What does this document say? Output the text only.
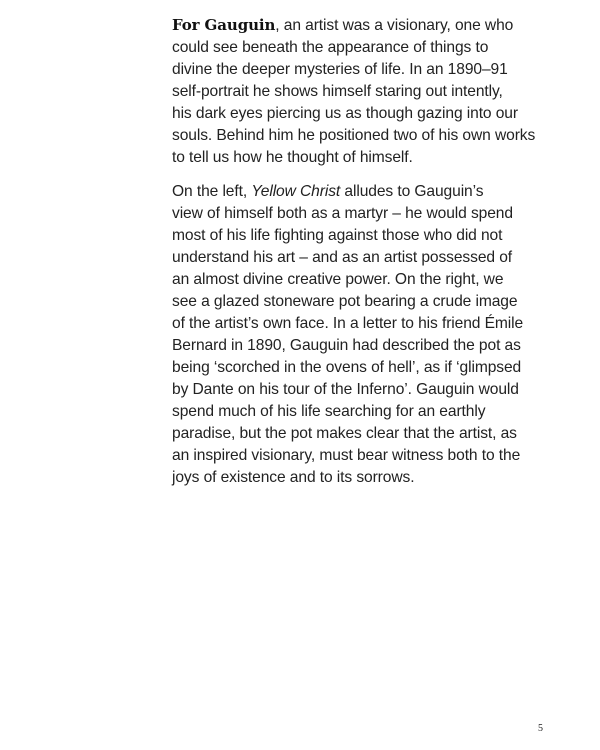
For Gauguin, an artist was a visionary, one who
could see beneath the appearance of things to
divine the deeper mysteries of life. In an 1890–91
self-portrait he shows himself staring out intently,
his dark eyes piercing us as though gazing into our
souls. Behind him he positioned two of his own works
to tell us how he thought of himself.

On the left, Yellow Christ alludes to Gauguin’s
view of himself both as a martyr – he would spend
most of his life fighting against those who did not
understand his art – and as an artist possessed of
an almost divine creative power. On the right, we
see a glazed stoneware pot bearing a crude image
of the artist’s own face. In a letter to his friend Émile
Bernard in 1890, Gauguin had described the pot as
being ‘scorched in the ovens of hell’, as if ‘glimpsed
by Dante on his tour of the Inferno’. Gauguin would
spend much of his life searching for an earthly
paradise, but the pot makes clear that the artist, as
an inspired visionary, must bear witness both to the
joys of existence and to its sorrows.

5
